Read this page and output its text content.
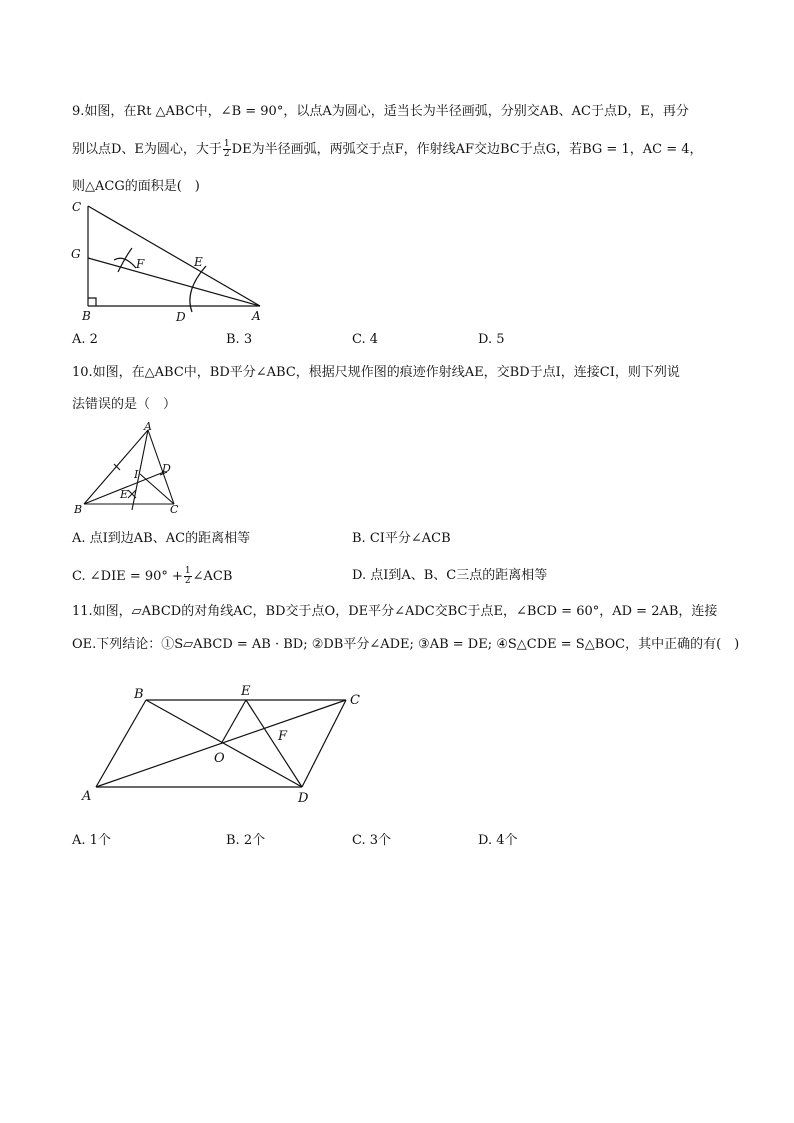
9.如图，在Rt △ABC中，∠B = 90°，以点A为圆心，适当长为半径画弧，分别交AB、AC于点D，E，再分
别以点D、E为圆心，大于 $\frac{1}{2}$ DE为半径画弧，两弧交于点F，作射线AF交边BC于点G，若BG = 1，AC = 4，
则△ACG的面积是(　)
C
G
F	E
B	D	A
A. 2	B. 3	C. 4	D. 5
10.如图，在△ABC中，BD平分∠ABC，根据尺规作图的痕迹作射线AE，交BD于点I，连接CI，则下列说
法错误的是（　）
A
B	C
D
I
E
A. 点I到边AB、AC的距离相等	B. CI平分∠ACB
C. ∠DIE = $90^\circ + \frac{1}{2}$ ∠ACB	D. 点I到A、B、C三点的距离相等
11.如图，▱ABCD的对角线AC，BD交于点O，DE平分∠ADC交BC于点E，∠BCD = 60°，AD = 2AB，连接
OE.下列结论：①S▱ABCD = AB · BD; ②DB平分∠ADE; ③AB = DE; ④S△CDE = S△BOC，其中正确的有(　)
B	E
C
F
O
A	D
A. 1个	B. 2个	C. 3个	D. 4个
